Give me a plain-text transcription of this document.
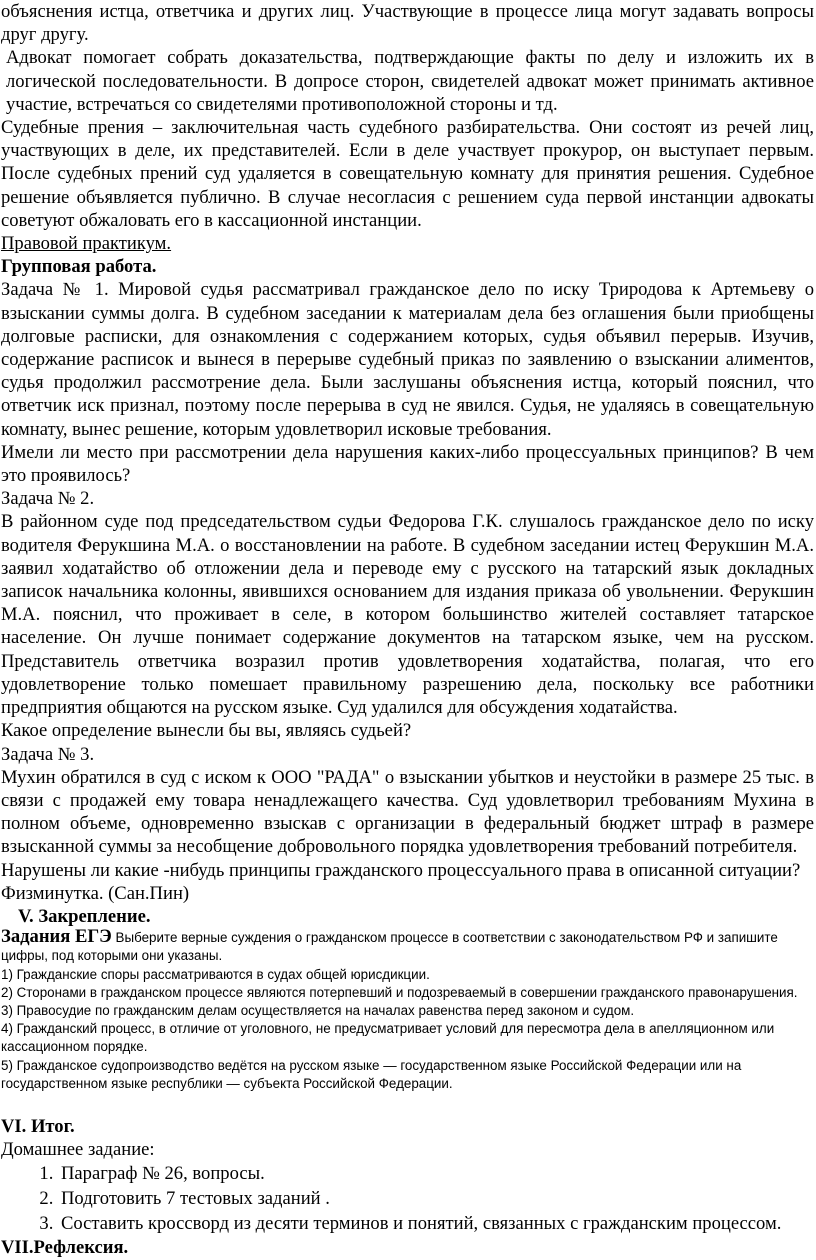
объяснения истца, ответчика и других лиц. Участвующие в процессе лица могут задавать вопросы друг другу.

Адвокат помогает собрать доказательства, подтверждающие факты по делу и изложить их в логической последовательности. В допросе сторон, свидетелей адвокат может принимать активное участие, встречаться со свидетелями противоположной стороны и тд.

Судебные прения – заключительная часть судебного разбирательства. Они состоят из речей лиц, участвующих в деле, их представителей. Если в деле участвует прокурор, он выступает первым. После судебных прений суд удаляется в совещательную комнату для принятия решения. Судебное решение объявляется публично. В случае несогласия с решением суда первой инстанции адвокаты советуют обжаловать его в кассационной инстанции.

Правовой практикум.

Групповая работа.

Задача № 1. Мировой судья рассматривал гражданское дело по иску Триродова к Артемьеву о взыскании суммы долга. В судебном заседании к материалам дела без оглашения были приобщены долговые расписки, для ознакомления с содержанием которых, судья объявил перерыв. Изучив, содержание расписок и вынеся в перерыве судебный приказ по заявлению о взыскании алиментов, судья продолжил рассмотрение дела. Были заслушаны объяснения истца, который пояснил, что ответчик иск признал, поэтому после перерыва в суд не явился. Судья, не удаляясь в совещательную комнату, вынес решение, которым удовлетворил исковые требования.

Имели ли место при рассмотрении дела нарушения каких-либо процессуальных принципов? В чем это проявилось?

Задача № 2.

В районном суде под председательством судьи Федорова Г.К. слушалось гражданское дело по иску водителя Ферукшина М.А. о восстановлении на работе. В судебном заседании истец Ферукшин М.А. заявил ходатайство об отложении дела и переводе ему с русского на татарский язык докладных записок начальника колонны, явившихся основанием для издания приказа об увольнении. Ферукшин М.А. пояснил, что проживает в селе, в котором большинство жителей составляет татарское население. Он лучше понимает содержание документов на татарском языке, чем на русском. Представитель ответчика возразил против удовлетворения ходатайства, полагая, что его удовлетворение только помешает правильному разрешению дела, поскольку все работники предприятия общаются на русском языке. Суд удалился для обсуждения ходатайства.

Какое определение вынесли бы вы, являясь судьей?

Задача № 3.

Мухин обратился в суд с иском к ООО "РАДА" о взыскании убытков и неустойки в размере 25 тыс. в связи с продажей ему товара ненадлежащего качества. Суд удовлетворил требованиям Мухина в полном объеме, одновременно взыскав с организации в федеральный бюджет штраф в размере взысканной суммы за несобщение добровольного порядка удовлетворения требований потребителя.

Нарушены ли какие -нибудь принципы гражданского процессуального права в описанной ситуации?

Физминутка. (Сан.Пин)

V. Закрепление.

Задания ЕГЭ Выберите верные суждения о гражданском процессе в соответствии с законодательством РФ и запишите цифры, под которыми они указаны.

1) Гражданские споры рассматриваются в судах общей юрисдикции.

2) Сторонами в гражданском процессе являются потерпевший и подозреваемый в совершении гражданского правонарушения.

3) Правосудие по гражданским делам осуществляется на началах равенства перед законом и судом.

4) Гражданский процесс, в отличие от уголовного, не предусматривает условий для пересмотра дела в апелляционном или кассационном порядке.

5) Гражданское судопроизводство ведётся на русском языке — государственном языке Российской Федерации или на государственном языке республики — субъекта Российской Федерации.

VI. Итог.

Домашнее задание:

1. Параграф № 26, вопросы.
2. Подготовить 7 тестовых заданий .
3. Составить кроссворд из десяти терминов и понятий, связанных с гражданским процессом.

VII.Рефлексия.
